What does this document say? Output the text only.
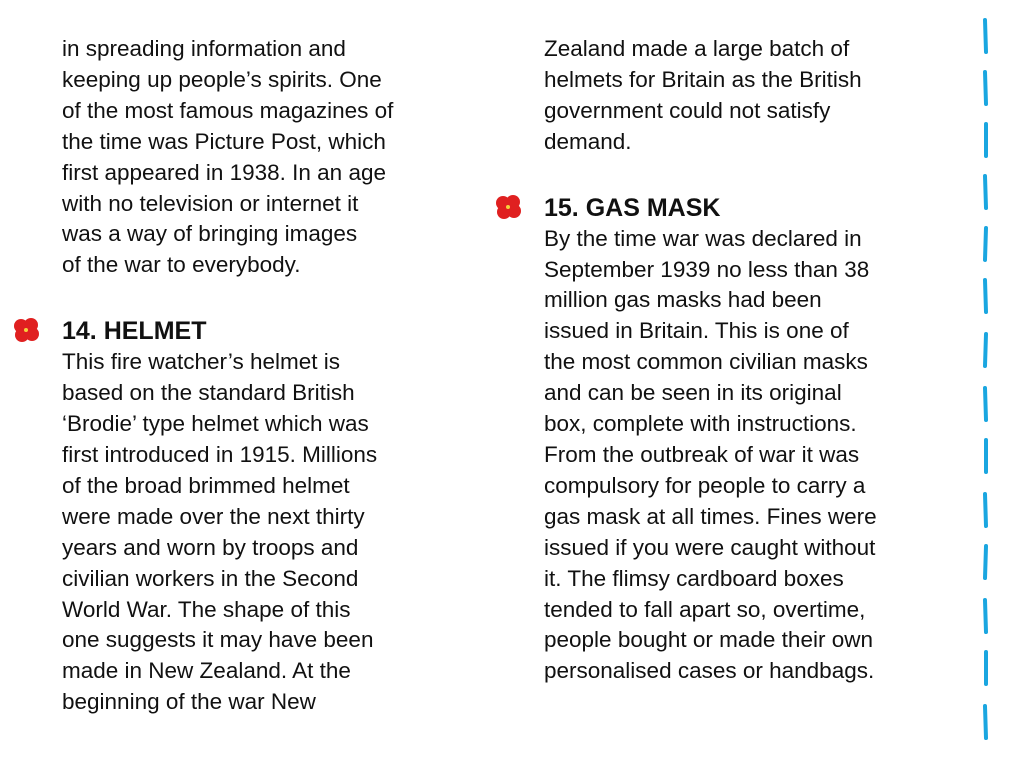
in spreading information and
keeping up people’s spirits. One
of the most famous magazines of
the time was Picture Post, which
first appeared in 1938. In an age
with no television or internet it
was a way of bringing images
of the war to everybody.
14. HELMET
This fire watcher’s helmet is
based on the standard British
‘Brodie’ type helmet which was
first introduced in 1915. Millions
of the broad brimmed helmet
were made over the next thirty
years and worn by troops and
civilian workers in the Second
World War. The shape of this
one suggests it may have been
made in New Zealand. At the
beginning of the war New
Zealand made a large batch of
helmets for Britain as the British
government could not satisfy
demand.
15. GAS MASK
By the time war was declared in
September 1939 no less than 38
million gas masks had been
issued in Britain. This is one of
the most common civilian masks
and can be seen in its original
box, complete with instructions.
From the outbreak of war it was
compulsory for people to carry a
gas mask at all times. Fines were
issued if you were caught without
it. The flimsy cardboard boxes
tended to fall apart so, overtime,
people bought or made their own
personalised cases or handbags.
